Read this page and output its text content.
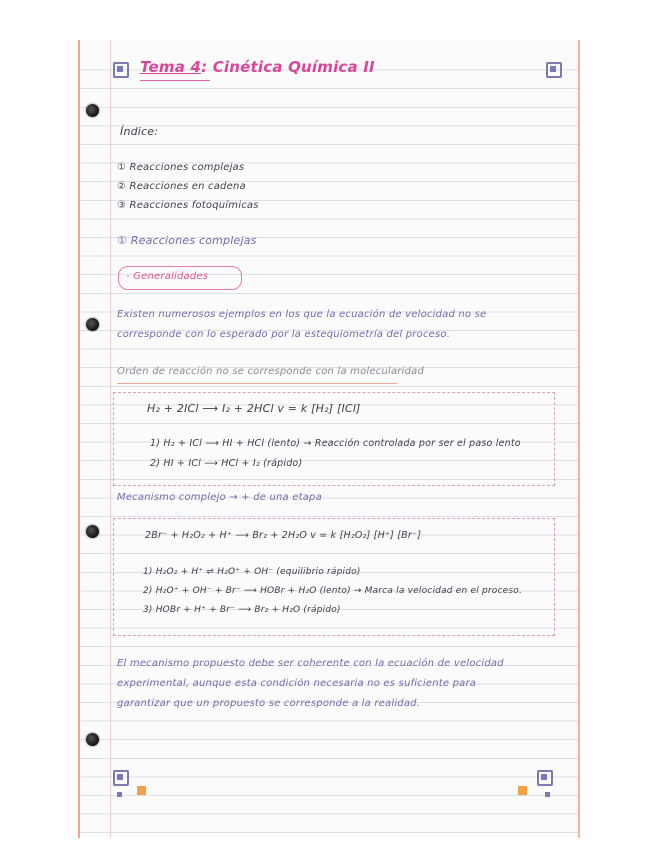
Tema 4: Cinética Química II
Índice:
① Reacciones complejas
② Reacciones en cadena
③ Reacciones fotoquímicas
① Reacciones complejas
- Generalidades
Existen numerosos ejemplos en los que la ecuación de velocidad no se
corresponde con lo esperado por la estequiometría del proceso.
Orden de reacción no se corresponde con la molecularidad
H₂ + 2ICl ⟶ I₂ + 2HCl v = k [H₂] [ICl]
1) H₂ + ICl ⟶ HI + HCl (lento) → Reacción controlada por ser el paso lento
2) HI + ICl ⟶ HCl + I₂ (rápido)
Mecanismo complejo → + de una etapa
2Br⁻ + H₂O₂ + H⁺ ⟶ Br₂ + 2H₂O v = k [H₂O₂] [H⁺] [Br⁻]
1) H₂O₂ + H⁺ ⇌ H₂O⁺ + OH⁻ (equilibrio rápido)
2) H₂O⁺ + OH⁻ + Br⁻ ⟶ HOBr + H₂O (lento) → Marca la velocidad en el proceso.
3) HOBr + H⁺ + Br⁻ ⟶ Br₂ + H₂O (rápido)
El mecanismo propuesto debe ser coherente con la ecuación de velocidad
experimental, aunque esta condición necesaria no es suficiente para
garantizar que un propuesto se corresponde a la realidad.
